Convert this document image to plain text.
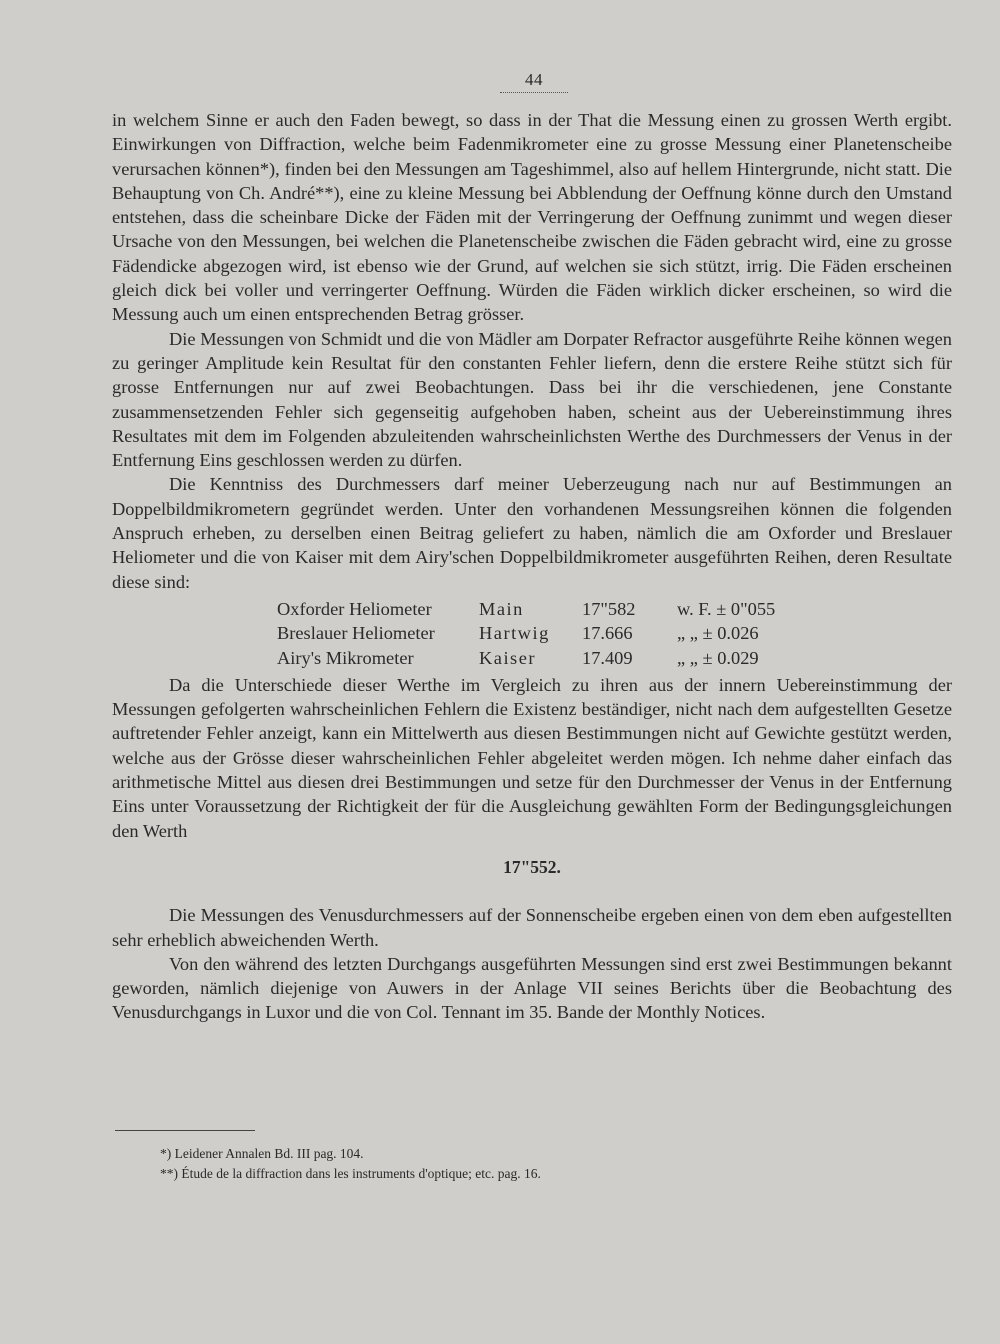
44

in welchem Sinne er auch den Faden bewegt, so dass in der That die Messung einen zu grossen Werth ergibt. Einwirkungen von Diffraction, welche beim Fadenmikrometer eine zu grosse Messung einer Planetenscheibe verursachen können*), finden bei den Messungen am Tageshimmel, also auf hellem Hintergrunde, nicht statt. Die Behauptung von Ch. André**), eine zu kleine Messung bei Abblendung der Oeffnung könne durch den Umstand entstehen, dass die scheinbare Dicke der Fäden mit der Verringerung der Oeffnung zunimmt und wegen dieser Ursache von den Messungen, bei welchen die Planetenscheibe zwischen die Fäden gebracht wird, eine zu grosse Fädendicke abgezogen wird, ist ebenso wie der Grund, auf welchen sie sich stützt, irrig. Die Fäden erscheinen gleich dick bei voller und verringerter Oeffnung. Würden die Fäden wirklich dicker erscheinen, so wird die Messung auch um einen entsprechenden Betrag grösser.

Die Messungen von Schmidt und die von Mädler am Dorpater Refractor ausgeführte Reihe können wegen zu geringer Amplitude kein Resultat für den constanten Fehler liefern, denn die erstere Reihe stützt sich für grosse Entfernungen nur auf zwei Beobachtungen. Dass bei ihr die verschiedenen, jene Constante zusammensetzenden Fehler sich gegenseitig aufgehoben haben, scheint aus der Uebereinstimmung ihres Resultates mit dem im Folgenden abzuleitenden wahrscheinlichsten Werthe des Durchmessers der Venus in der Entfernung Eins geschlossen werden zu dürfen.

Die Kenntniss des Durchmessers darf meiner Ueberzeugung nach nur auf Bestimmungen an Doppelbildmikrometern gegründet werden. Unter den vorhandenen Messungsreihen können die folgenden Anspruch erheben, zu derselben einen Beitrag geliefert zu haben, nämlich die am Oxforder und Breslauer Heliometer und die von Kaiser mit dem Airy'schen Doppelbildmikrometer ausgeführten Reihen, deren Resultate diese sind:

Oxforder Heliometer	Main	17"582	w. F. ± 0"055
Breslauer Heliometer	Hartwig	17.666	„ „ ± 0.026
Airy's Mikrometer	Kaiser	17.409	„ „ ± 0.029

Da die Unterschiede dieser Werthe im Vergleich zu ihren aus der innern Uebereinstimmung der Messungen gefolgerten wahrscheinlichen Fehlern die Existenz beständiger, nicht nach dem aufgestellten Gesetze auftretender Fehler anzeigt, kann ein Mittelwerth aus diesen Bestimmungen nicht auf Gewichte gestützt werden, welche aus der Grösse dieser wahrscheinlichen Fehler abgeleitet werden mögen. Ich nehme daher einfach das arithmetische Mittel aus diesen drei Bestimmungen und setze für den Durchmesser der Venus in der Entfernung Eins unter Voraussetzung der Richtigkeit der für die Ausgleichung gewählten Form der Bedingungsgleichungen den Werth

17"552.

Die Messungen des Venusdurchmessers auf der Sonnenscheibe ergeben einen von dem eben aufgestellten sehr erheblich abweichenden Werth.

Von den während des letzten Durchgangs ausgeführten Messungen sind erst zwei Bestimmungen bekannt geworden, nämlich diejenige von Auwers in der Anlage VII seines Berichts über die Beobachtung des Venusdurchgangs in Luxor und die von Col. Tennant im 35. Bande der Monthly Notices.

*) Leidener Annalen Bd. III pag. 104.

**) Étude de la diffraction dans les instruments d'optique; etc. pag. 16.
